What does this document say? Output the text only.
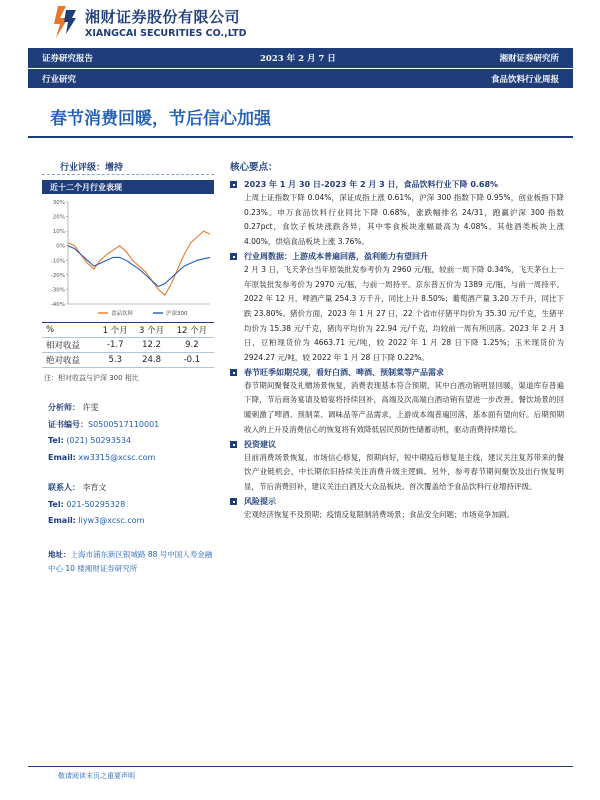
湘财证券股份有限公司
XIANGCAI SECURITIES CO.,LTD
证券研究报告	2023 年 2 月 7 日	湘财证券研究所
行业研究	食品饮料行业周报
春节消费回暖，节后信心加强
行业评级：增持
近十二个月行业表现
30%
20%
10%
0%
-10%
-20%
-30%
-40%
食品饮料	沪深300
%	1 个月	3 个月	12 个月
相对收益	-1.7	12.2	9.2
绝对收益	5.3	24.8	-0.1
注：相对收益与沪深 300 相比
分析师： 许雯
证书编号：S0500517110001
Tel: (021) 50293534
Email: xw3315@xcsc.com
联系人： 李育文
Tel: 021-50295328
Email: liyw3@xcsc.com
地址：上海市浦东新区银城路 88 号中国人寿金融中心 10 楼湘财证券研究所
核心要点：
2023 年 1 月 30 日-2023 年 2 月 3 日，食品饮料行业下降 0.68%
上周上证指数下降 0.04%，深证成指上涨 0.61%，沪深 300 指数下降 0.95%，创业板指下降 0.23%。申万食品饮料行业同比下降 0.68%，涨跌幅排名 24/31，跑赢沪深 300 指数 0.27pct，食饮子板块涨跌各异，其中零食板块涨幅最高为 4.08%。其他酒类板块上涨 4.00%，烘焙食品板块上涨 3.76%。
行业周数据：上游成本普遍回落，盈利能力有望回升
2 月 3 日，飞天茅台当年原装批发参考价为 2960 元/瓶，较前一周下降 0.34%，飞天茅台上一年原装批发参考价为 2970 元/瓶，与前一周持平。京东普五价为 1389 元/瓶，与前一周持平。2022 年 12 月，啤酒产量 254.3 万千升，同比上升 8.50%；葡萄酒产量 3.20 万千升，同比下跌 23.80%。猪价方面，2023 年 1 月 27 日，22 个省市仔猪平均价为 35.30 元/千克，生猪平均价为 15.38 元/千克，猪肉平均价为 22.94 元/千克，均较前一周有所回落。2023 年 2 月 3 日，豆粕现货价为 4663.71 元/吨，较 2022 年 1 月 28 日下降 1.25%；玉米现货价为 2924.27 元/吨，较 2022 年 1 月 28 日下降 0.22%。
春节旺季如期兑现，看好白酒、啤酒、预制菜等产品需求
春节期间聚餐及礼赠场景恢复，消费表现基本符合预期，其中白酒动销明显回暖，渠道库存普遍下降，节后商务宴请及婚宴将持续回补，高端及次高端白酒动销有望进一步改善。餐饮场景的回暖刺激了啤酒、预制菜、调味品等产品需求，上游成本端普遍回落，基本面有望向好。后期预期收入的上升及消费信心的恢复将有效降低居民预防性储蓄动机，驱动消费持续增长。
投资建议
目前消费场景恢复，市场信心修复，预期向好，短中期疫后修复是主线，建议关注复苏带来的餐饮产业链机会，中长期依旧持续关注消费升级主逻辑。另外，参考春节期间聚饮及出行恢复明显，节后消费回补，建议关注白酒及大众品板块。首次覆盖给予食品饮料行业增持评级。
风险提示
宏观经济恢复不及预期；疫情反复限制消费场景；食品安全问题；市场竞争加剧。
敬请阅读末页之重要声明
